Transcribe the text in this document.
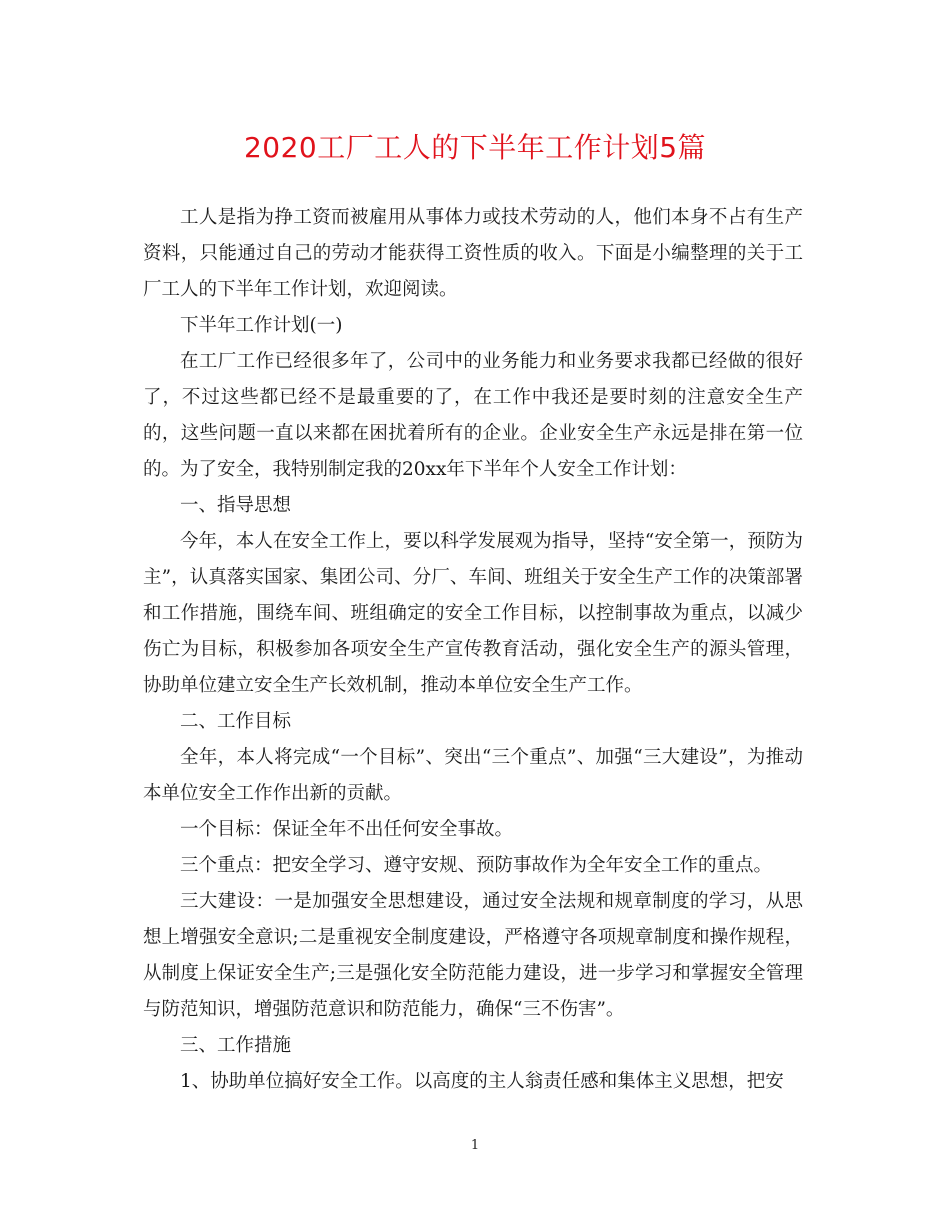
2020工厂工人的下半年工作计划5篇

工人是指为挣工资而被雇用从事体力或技术劳动的人，他们本身不占有生产资料，只能通过自己的劳动才能获得工资性质的收入。下面是小编整理的关于工厂工人的下半年工作计划，欢迎阅读。

下半年工作计划(一)

在工厂工作已经很多年了，公司中的业务能力和业务要求我都已经做的很好了，不过这些都已经不是最重要的了，在工作中我还是要时刻的注意安全生产的，这些问题一直以来都在困扰着所有的企业。企业安全生产永远是排在第一位的。为了安全，我特别制定我的20xx年下半年个人安全工作计划：

一、指导思想

今年，本人在安全工作上，要以科学发展观为指导，坚持“安全第一，预防为主”，认真落实国家、集团公司、分厂、车间、班组关于安全生产工作的决策部署和工作措施，围绕车间、班组确定的安全工作目标，以控制事故为重点，以减少伤亡为目标，积极参加各项安全生产宣传教育活动，强化安全生产的源头管理，协助单位建立安全生产长效机制，推动本单位安全生产工作。

二、工作目标

全年，本人将完成“一个目标”、突出“三个重点”、加强“三大建设”，为推动本单位安全工作作出新的贡献。

一个目标：保证全年不出任何安全事故。

三个重点：把安全学习、遵守安规、预防事故作为全年安全工作的重点。

三大建设：一是加强安全思想建设，通过安全法规和规章制度的学习，从思想上增强安全意识;二是重视安全制度建设，严格遵守各项规章制度和操作规程，从制度上保证安全生产;三是强化安全防范能力建设，进一步学习和掌握安全管理与防范知识，增强防范意识和防范能力，确保“三不伤害”。

三、工作措施

1、协助单位搞好安全工作。以高度的主人翁责任感和集体主义思想，把安

1
